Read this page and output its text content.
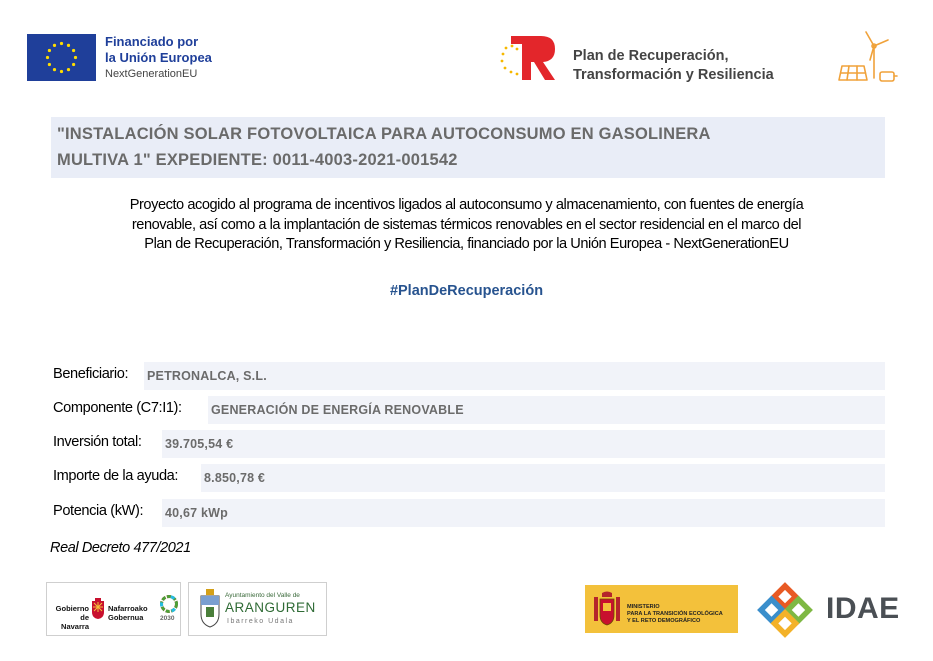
Financiado por
la Unión Europea
NextGenerationEU
Plan de Recuperación,
Transformación y Resiliencia
"INSTALACIÓN SOLAR FOTOVOLTAICA PARA AUTOCONSUMO EN GASOLINERA
MULTIVA 1" EXPEDIENTE: 0011-4003-2021-001542
Proyecto acogido al programa de incentivos ligados al autoconsumo y almacenamiento, con fuentes de energía
renovable, así como a la implantación de sistemas térmicos renovables en el sector residencial en el marco del
Plan de Recuperación, Transformación y Resiliencia, financiado por la Unión Europea - NextGenerationEU
#PlanDeRecuperación
Beneficiario: PETRONALCA, S.L.
Componente (C7:I1): GENERACIÓN DE ENERGÍA RENOVABLE
Inversión total: 39.705,54 €
Importe de la ayuda: 8.850,78 €
Potencia (kW): 40,67 kWp
Real Decreto 477/2021
Gobierno
de Navarra
Nafarroako
Gobernua	2030
Ayuntamiento del Valle de
ARANGUREN
Ibarreko Udala
MINISTERIO
PARA LA TRANSICIÓN ECOLÓGICA
Y EL RETO DEMOGRÁFICO	IDAE
